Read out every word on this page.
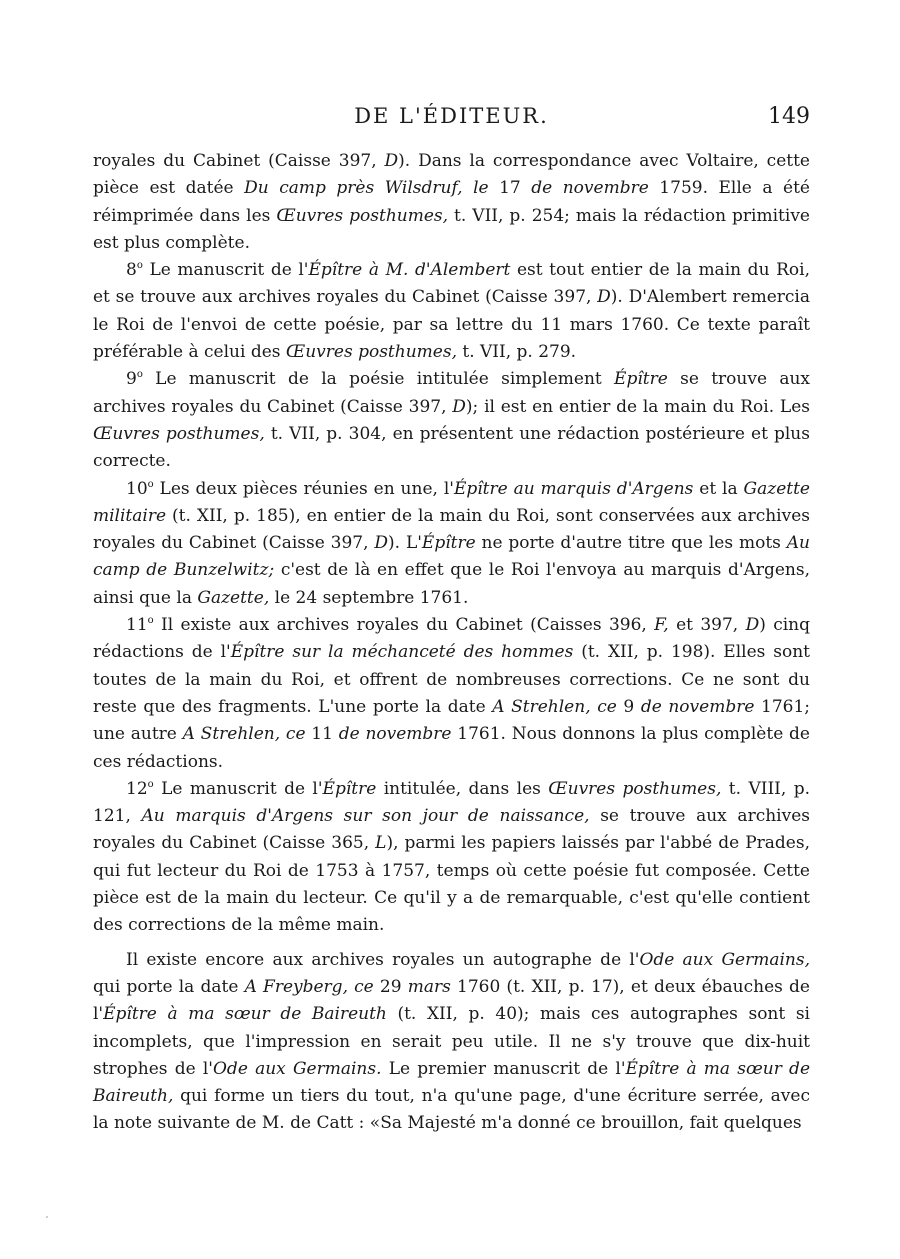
DE L'ÉDITEUR.	149

royales du Cabinet (Caisse 397, D). Dans la correspondance avec Voltaire, cette pièce est datée Du camp près Wilsdruf, le 17 de novembre 1759. Elle a été réimprimée dans les Œuvres posthumes, t. VII, p. 254; mais la rédaction primitive est plus complète.

8$^o$ Le manuscrit de l'Épître à M. d'Alembert est tout entier de la main du Roi, et se trouve aux archives royales du Cabinet (Caisse 397, D). D'Alembert remercia le Roi de l'envoi de cette poésie, par sa lettre du 11 mars 1760. Ce texte paraît préférable à celui des Œuvres posthumes, t. VII, p. 279.

9$^o$ Le manuscrit de la poésie intitulée simplement Épître se trouve aux archives royales du Cabinet (Caisse 397, D); il est en entier de la main du Roi. Les Œuvres posthumes, t. VII, p. 304, en présentent une rédaction postérieure et plus correcte.

10$^o$ Les deux pièces réunies en une, l'Épître au marquis d'Argens et la Gazette militaire (t. XII, p. 185), en entier de la main du Roi, sont conservées aux archives royales du Cabinet (Caisse 397, D). L'Épître ne porte d'autre titre que les mots Au camp de Bunzelwitz; c'est de là en effet que le Roi l'envoya au marquis d'Argens, ainsi que la Gazette, le 24 septembre 1761.

11$^o$ Il existe aux archives royales du Cabinet (Caisses 396, F, et 397, D) cinq rédactions de l'Épître sur la méchanceté des hommes (t. XII, p. 198). Elles sont toutes de la main du Roi, et offrent de nombreuses corrections. Ce ne sont du reste que des fragments. L'une porte la date A Strehlen, ce 9 de novembre 1761; une autre A Strehlen, ce 11 de novembre 1761. Nous donnons la plus complète de ces rédactions.

12$^o$ Le manuscrit de l'Épître intitulée, dans les Œuvres posthumes, t. VIII, p. 121, Au marquis d'Argens sur son jour de naissance, se trouve aux archives royales du Cabinet (Caisse 365, L), parmi les papiers laissés par l'abbé de Prades, qui fut lecteur du Roi de 1753 à 1757, temps où cette poésie fut composée. Cette pièce est de la main du lecteur. Ce qu'il y a de remarquable, c'est qu'elle contient des corrections de la même main.

Il existe encore aux archives royales un autographe de l'Ode aux Germains, qui porte la date A Freyberg, ce 29 mars 1760 (t. XII, p. 17), et deux ébauches de l'Épître à ma sœur de Baireuth (t. XII, p. 40); mais ces autographes sont si incomplets, que l'impression en serait peu utile. Il ne s'y trouve que dix-huit strophes de l'Ode aux Germains. Le premier manuscrit de l'Épître à ma sœur de Baireuth, qui forme un tiers du tout, n'a qu'une page, d'une écriture serrée, avec la note suivante de M. de Catt : «Sa Majesté m'a donné ce brouillon, fait quelques
